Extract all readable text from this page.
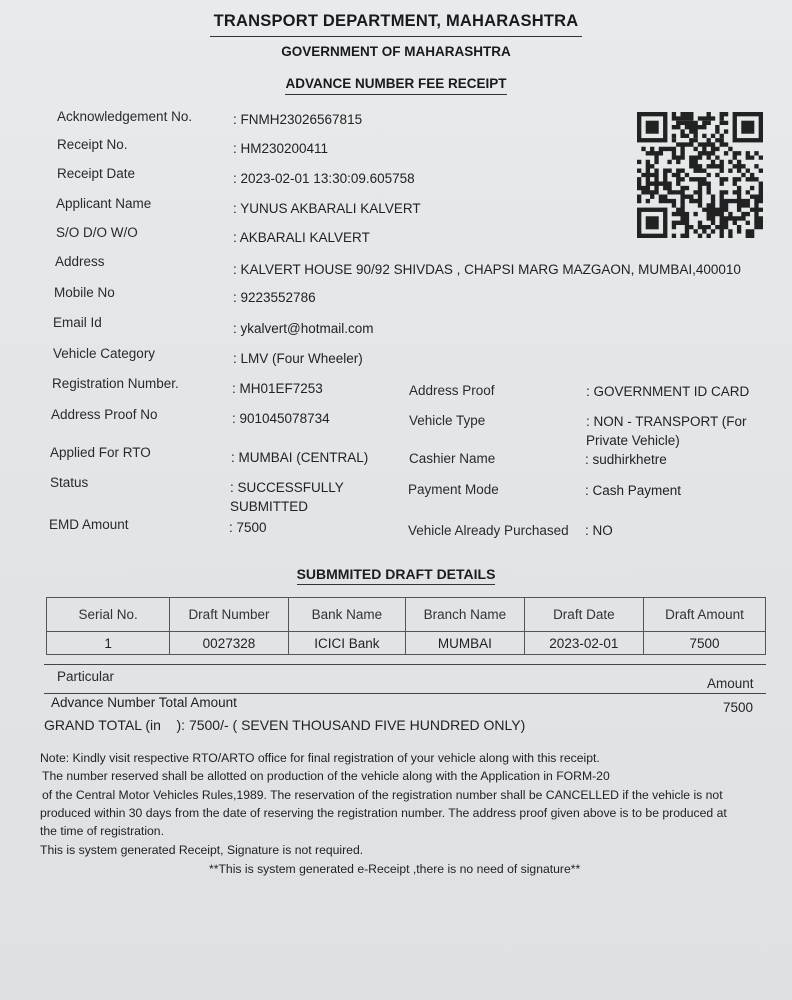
TRANSPORT DEPARTMENT, MAHARASHTRA
GOVERNMENT OF MAHARASHTRA
ADVANCE NUMBER FEE RECEIPT
Acknowledgement No.	: FNMH23026567815
Receipt No.	: HM230200411
Receipt Date	: 2023-02-01 13:30:09.605758
Applicant Name	: YUNUS AKBARALI KALVERT
S/O D/O W/O	: AKBARALI KALVERT
Address
: KALVERT HOUSE 90/92 SHIVDAS , CHAPSI MARG MAZGAON, MUMBAI,400010
Mobile No	: 9223552786
Email Id	: ykalvert@hotmail.com
Vehicle Category	: LMV (Four Wheeler)
Registration Number.	: MH01EF7253
Address Proof No	: 901045078734
Applied For RTO	: MUMBAI (CENTRAL)
Status	: SUCCESSFULLY
SUBMITTED
EMD Amount	: 7500
Address Proof	: GOVERNMENT ID CARD
Vehicle Type	: NON - TRANSPORT (For
Private Vehicle)
Cashier Name	: sudhirkhetre
Payment Mode	: Cash Payment
Vehicle Already Purchased : NO
SUBMMITED DRAFT DETAILS
Serial No.	Draft Number	Bank Name	Branch Name	Draft Date	Draft Amount
1	0027328	ICICI Bank	MUMBAI	2023-02-01	7500
Particular	Amount
Advance Number Total Amount	7500
GRAND TOTAL (in    ): 7500/- ( SEVEN THOUSAND FIVE HUNDRED ONLY)
Note: Kindly visit respective RTO/ARTO office for final registration of your vehicle along with this receipt.
The number reserved shall be allotted on production of the vehicle along with the Application in FORM-20
of the Central Motor Vehicles Rules,1989. The reservation of the registration number shall be CANCELLED if the vehicle is not
produced within 30 days from the date of reserving the registration number. The address proof given above is to be produced at
the time of registration.
This is system generated Receipt, Signature is not required.
**This is system generated e-Receipt ,there is no need of signature**
